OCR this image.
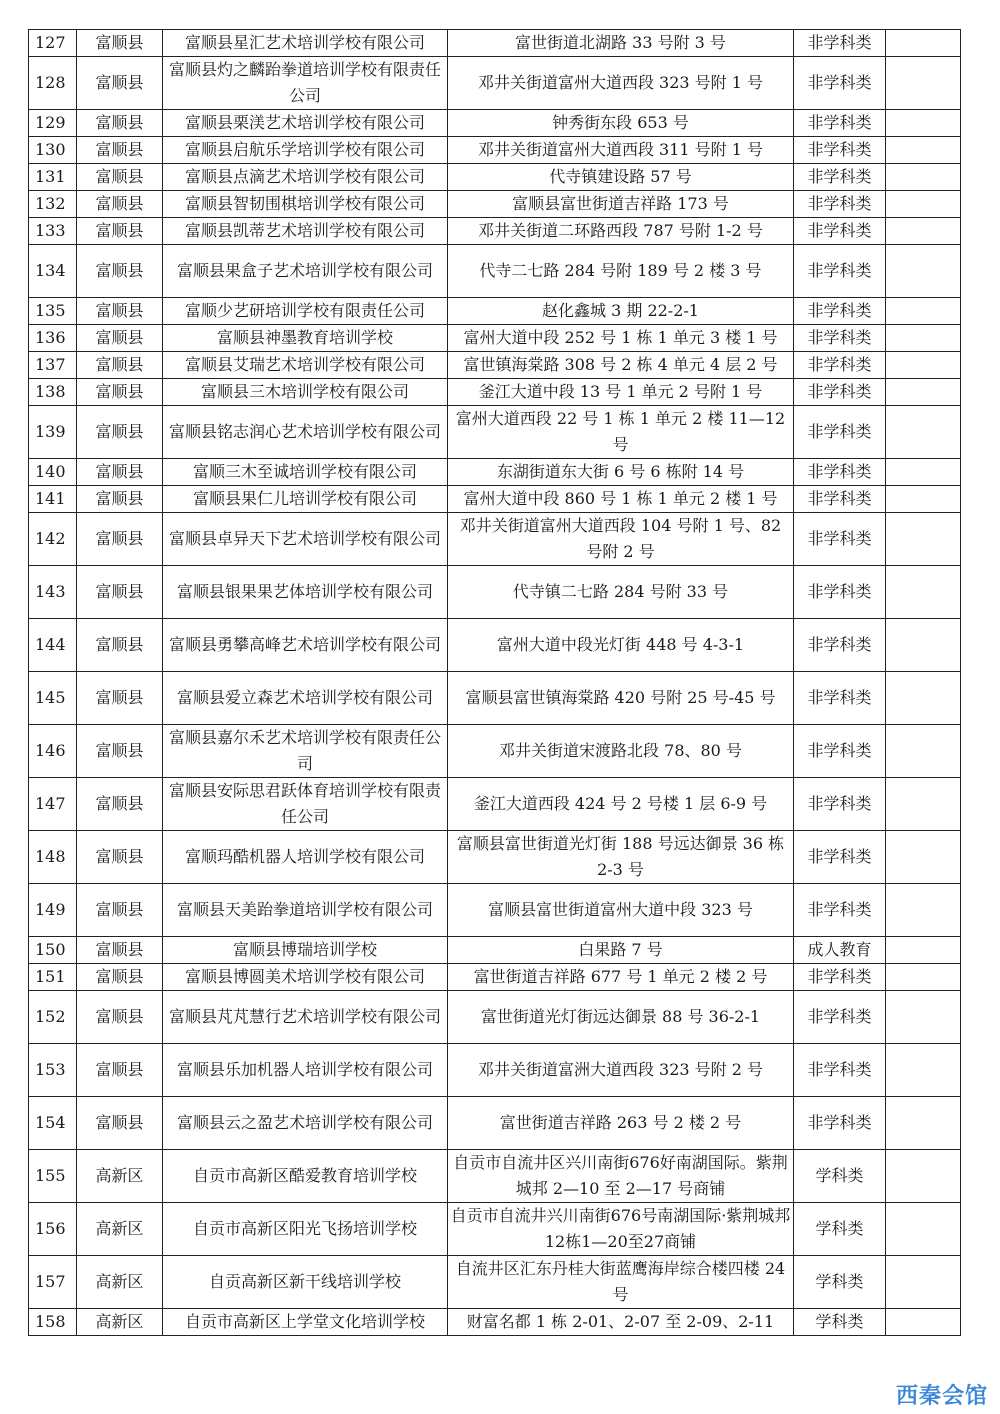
127	富顺县	富顺县星汇艺术培训学校有限公司	富世街道北湖路 33 号附 3 号	非学科类	
128	富顺县	富顺县灼之麟跆拳道培训学校有限责任公司	邓井关街道富州大道西段 323 号附 1 号	非学科类	
129	富顺县	富顺县栗渼艺术培训学校有限公司	钟秀街东段 653 号	非学科类	
130	富顺县	富顺县启航乐学培训学校有限公司	邓井关街道富州大道西段 311 号附 1 号	非学科类	
131	富顺县	富顺县点滴艺术培训学校有限公司	代寺镇建设路 57 号	非学科类	
132	富顺县	富顺县智韧围棋培训学校有限公司	富顺县富世街道吉祥路 173 号	非学科类	
133	富顺县	富顺县凯蒂艺术培训学校有限公司	邓井关街道二环路西段 787 号附 1-2 号	非学科类	
134	富顺县	富顺县果盒子艺术培训学校有限公司	代寺二七路 284 号附 189 号 2 楼 3 号	非学科类	
135	富顺县	富顺少艺研培训学校有限责任公司	赵化鑫城 3 期 22-2-1	非学科类	
136	富顺县	富顺县神墨教育培训学校	富州大道中段 252 号 1 栋 1 单元 3 楼 1 号	非学科类	
137	富顺县	富顺县艾瑞艺术培训学校有限公司	富世镇海棠路 308 号 2 栋 4 单元 4 层 2 号	非学科类	
138	富顺县	富顺县三木培训学校有限公司	釜江大道中段 13 号 1 单元 2 号附 1 号	非学科类	
139	富顺县	富顺县铭志润心艺术培训学校有限公司	富州大道西段 22 号 1 栋 1 单元 2 楼 11—12 号	非学科类	
140	富顺县	富顺三木至诚培训学校有限公司	东湖街道东大街 6 号 6 栋附 14 号	非学科类	
141	富顺县	富顺县果仁儿培训学校有限公司	富州大道中段 860 号 1 栋 1 单元 2 楼 1 号	非学科类	
142	富顺县	富顺县卓异天下艺术培训学校有限公司	邓井关街道富州大道西段 104 号附 1 号、82 号附 2 号	非学科类	
143	富顺县	富顺县银果果艺体培训学校有限公司	代寺镇二七路 284 号附 33 号	非学科类	
144	富顺县	富顺县勇攀高峰艺术培训学校有限公司	富州大道中段光灯街 448 号 4-3-1	非学科类	
145	富顺县	富顺县爱立森艺术培训学校有限公司	富顺县富世镇海棠路 420 号附 25 号-45 号	非学科类	
146	富顺县	富顺县嘉尔禾艺术培训学校有限责任公司	邓井关街道宋渡路北段 78、80 号	非学科类	
147	富顺县	富顺县安际思君跃体育培训学校有限责任公司	釜江大道西段 424 号 2 号楼 1 层 6-9 号	非学科类	
148	富顺县	富顺玛酷机器人培训学校有限公司	富顺县富世街道光灯街 188 号远达御景 36 栋 2-3 号	非学科类	
149	富顺县	富顺县天美跆拳道培训学校有限公司	富顺县富世街道富州大道中段 323 号	非学科类	
150	富顺县	富顺县博瑞培训学校	白果路 7 号	成人教育	
151	富顺县	富顺县博圆美术培训学校有限公司	富世街道吉祥路 677 号 1 单元 2 楼 2 号	非学科类	
152	富顺县	富顺县芃芃慧行艺术培训学校有限公司	富世街道光灯街远达御景 88 号 36-2-1	非学科类	
153	富顺县	富顺县乐加机器人培训学校有限公司	邓井关街道富洲大道西段 323 号附 2 号	非学科类	
154	富顺县	富顺县云之盈艺术培训学校有限公司	富世街道吉祥路 263 号 2 楼 2 号	非学科类	
155	高新区	自贡市高新区酷爱教育培训学校	自贡市自流井区兴川南街676好南湖国际。紫荆城邦 2—10 至 2—17 号商铺	学科类	
156	高新区	自贡市高新区阳光飞扬培训学校	自贡市自流井兴川南街676号南湖国际·紫荆城邦12栋1—20至27商铺	学科类	
157	高新区	自贡高新区新干线培训学校	自流井区汇东丹桂大街蓝鹰海岸综合楼四楼 24 号	学科类	
158	高新区	自贡市高新区上学堂文化培训学校	财富名都 1 栋 2-01、2-07 至 2-09、2-11	学科类	
西秦会馆
